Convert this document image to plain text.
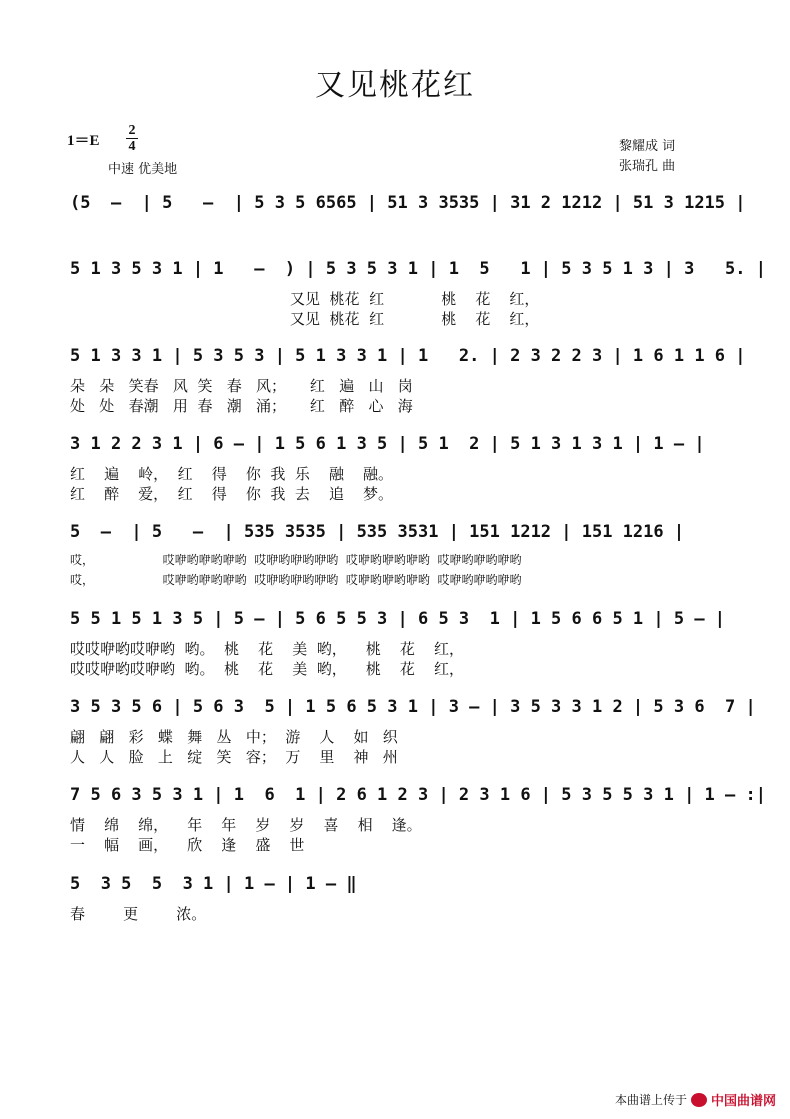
又见桃花红
1＝E
2
4
中速 优美地
黎耀成 词
张瑞孔 曲
(5  –  | 5   –  | 5 3 5 6565 | 51 3 3535 | 31 2 1212 | 51 3 1215 |
5 1 3 5 3 1 | 1   –  ) | 5 3 5 3 1 | 1  5   1 | 5 3 5 1 3 | 3   5. |
又见  桃花  红            桃    花    红，
又见  桃花  红            桃    花    红，
5 1 3 3 1 | 5 3 5 3 | 5 1 3 3 1 | 1   2. | 2 3 2 2 3 | 1 6 1 1 6 |
朵   朵   笑春   风  笑   春   风；     红   遍   山   岗
处   处   春潮   用  春   潮   涌；     红   醉   心   海
3 1 2 2 3 1 | 6 – | 1 5 6 1 3 5 | 5 1  2 | 5 1 3 1 3 1 | 1 – |
红    遍    岭，  红    得    你  我  乐    融    融。
红    醉    爱，  红    得    你  我  去    追    梦。
5  –  | 5   –  | 535 3535 | 535 3531 | 151 1212 | 151 1216 |
哎，                  哎咿哟咿哟咿哟  哎咿哟咿哟咿哟  哎咿哟咿哟咿哟  哎咿哟咿哟咿哟
哎，                  哎咿哟咿哟咿哟  哎咿哟咿哟咿哟  哎咿哟咿哟咿哟  哎咿哟咿哟咿哟
5 5 1 5 1 3 5 | 5 – | 5 6 5 5 3 | 6 5 3  1 | 1 5 6 6 5 1 | 5 – |
哎哎咿哟哎咿哟  哟。  桃    花    美  哟，    桃    花    红，
哎哎咿哟哎咿哟  哟。  桃    花    美  哟，    桃    花    红，
3 5 3 5 6 | 5 6 3  5 | 1 5 6 5 3 1 | 3 – | 3 5 3 3 1 2 | 5 3 6  7 |
翩   翩   彩   蝶   舞   丛   中；  游    人    如   织
人   人   脸   上   绽   笑   容；  万    里    神   州
7 5 6 3 5 3 1 | 1  6  1 | 2 6 1 2 3 | 2 3 1 6 | 5 3 5 5 3 1 | 1 – :|
情    绵    绵，    年    年    岁    岁    喜    相    逢。
一    幅    画，    欣    逢    盛    世
5  3 5  5  3 1 | 1 – | 1 – ‖
春        更        浓。
本曲谱上传于 中国曲谱网
